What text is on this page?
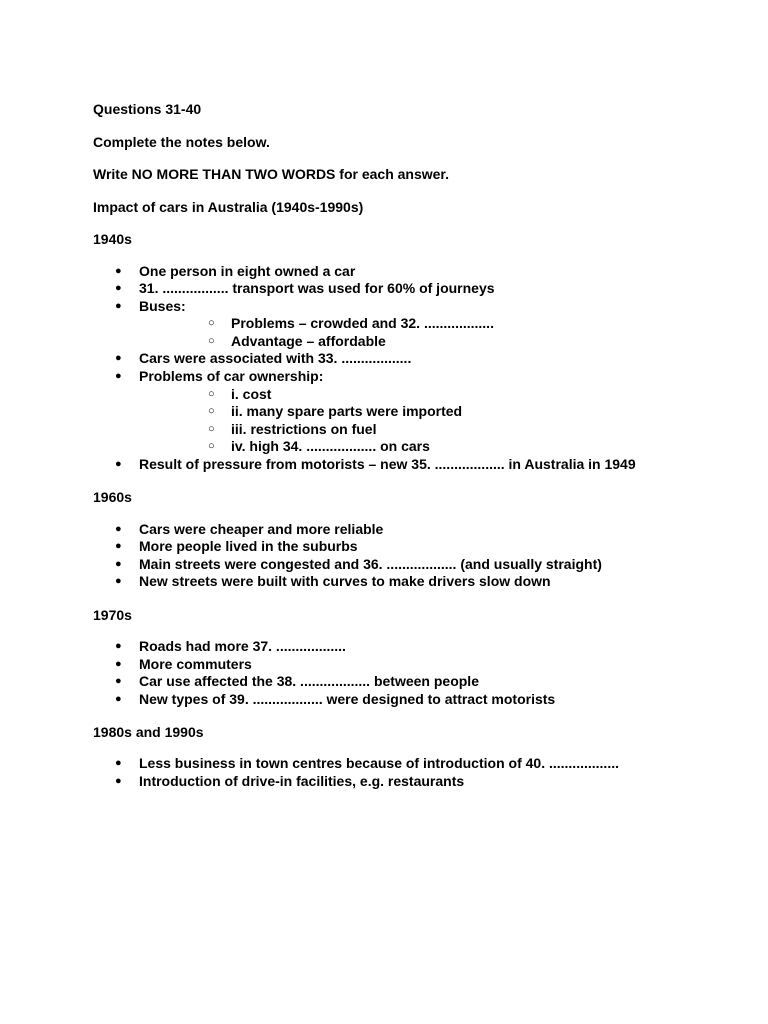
Questions 31-40
Complete the notes below.
Write NO MORE THAN TWO WORDS for each answer.
Impact of cars in Australia (1940s-1990s)
1940s
● One person in eight owned a car
● 31. ................. transport was used for 60% of journeys
● Buses:
○ Problems – crowded and 32. ..................
○ Advantage – affordable
● Cars were associated with 33. ..................
● Problems of car ownership:
○ i. cost
○ ii. many spare parts were imported
○ iii. restrictions on fuel
○ iv. high 34. .................. on cars
● Result of pressure from motorists – new 35. .................. in Australia in 1949
1960s
● Cars were cheaper and more reliable
● More people lived in the suburbs
● Main streets were congested and 36. .................. (and usually straight)
● New streets were built with curves to make drivers slow down
1970s
● Roads had more 37. ..................
● More commuters
● Car use affected the 38. .................. between people
● New types of 39. .................. were designed to attract motorists
1980s and 1990s
● Less business in town centres because of introduction of 40. ..................
● Introduction of drive-in facilities, e.g. restaurants
